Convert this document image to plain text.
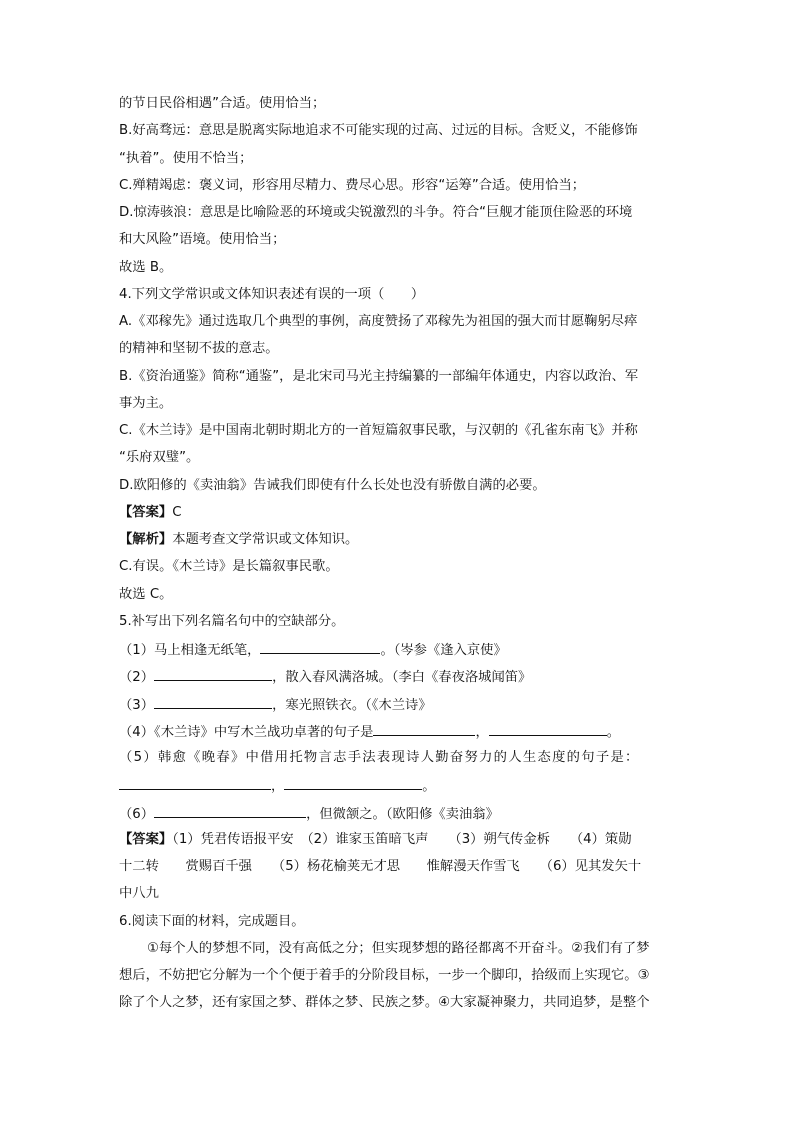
的节日民俗相遇”合适。使用恰当；
B.好高骛远：意思是脱离实际地追求不可能实现的过高、过远的目标。含贬义，不能修饰
“执着”。使用不恰当；
C.殚精竭虑：褒义词，形容用尽精力、费尽心思。形容“运筹”合适。使用恰当；
D.惊涛骇浪：意思是比喻险恶的环境或尖锐激烈的斗争。符合“巨舰才能顶住险恶的环境
和大风险”语境。使用恰当；
故选 B。
4.下列文学常识或文体知识表述有误的一项（　　）
A.《邓稼先》通过选取几个典型的事例，高度赞扬了邓稼先为祖国的强大而甘愿鞠躬尽瘁
的精神和坚韧不拔的意志。
B.《资治通鉴》简称“通鉴”，是北宋司马光主持编纂的一部编年体通史，内容以政治、军
事为主。
C.《木兰诗》是中国南北朝时期北方的一首短篇叙事民歌，与汉朝的《孔雀东南飞》并称
“乐府双璧”。
D.欧阳修的《卖油翁》告诫我们即使有什么长处也没有骄傲自满的必要。
【答案】C
【解析】本题考查文学常识或文体知识。
C.有误。《木兰诗》是长篇叙事民歌。
故选 C。
5.补写出下列名篇名句中的空缺部分。
（1）马上相逢无纸笔，	。（岑参《逢入京使》
（2）	，散入春风满洛城。（李白《春夜洛城闻笛》
（3）	，寒光照铁衣。（《木兰诗》
（4）《木兰诗》中写木兰战功卓著的句子是	，	。
（5）韩愈《晚春》中借用托物言志手法表现诗人勤奋努力的人生态度的句子是：
，	。
（6）	，但微颔之。（欧阳修《卖油翁》
【答案】（1）凭君传语报平安　（2）谁家玉笛暗飞声　　（3）朔气传金柝　　（4）策勋
十二转　　赏赐百千强　　（5）杨花榆荚无才思　　惟解漫天作雪飞　　（6）见其发矢十
中八九
6.阅读下面的材料，完成题目。
①每个人的梦想不同，没有高低之分；但实现梦想的路径都离不开奋斗。②我们有了梦
想后，不妨把它分解为一个个便于着手的分阶段目标，一步一个脚印，拾级而上实现它。③
除了个人之梦，还有家国之梦、群体之梦、民族之梦。④大家凝神聚力，共同追梦，是整个
